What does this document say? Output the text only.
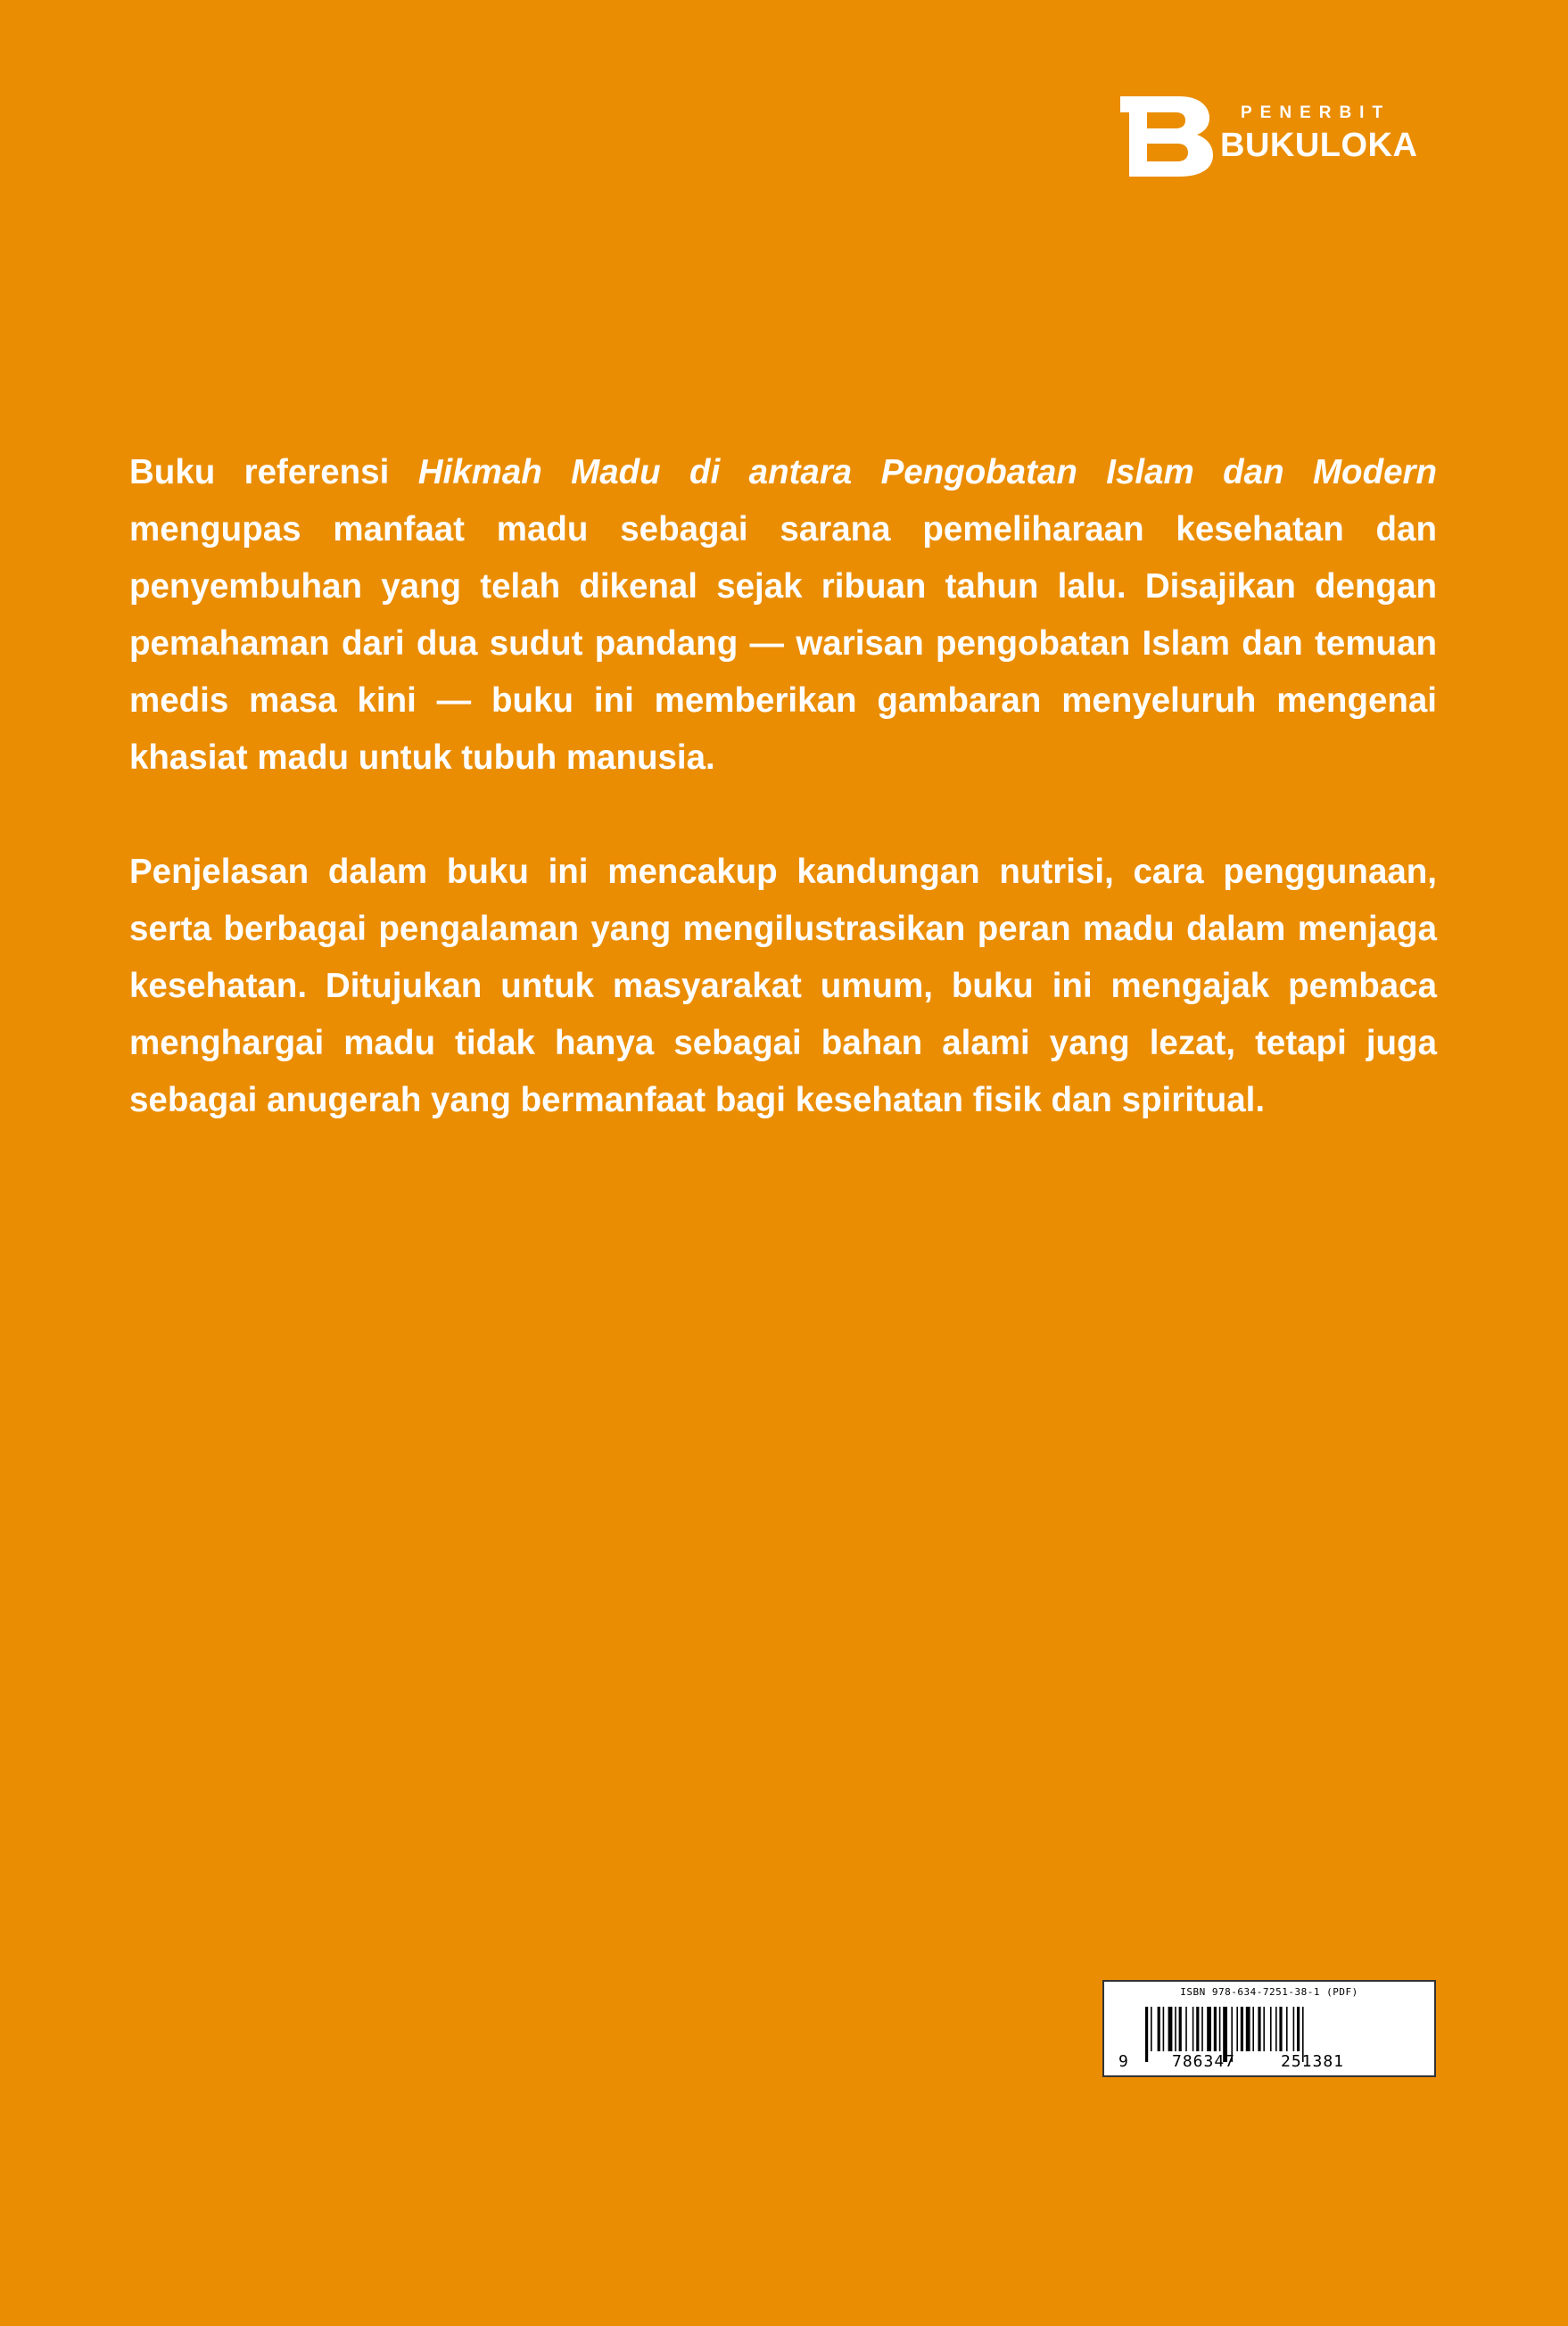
PENERBIT
BUKULOKA

Buku referensi Hikmah Madu di antara Pengobatan Islam dan Modern mengupas manfaat madu sebagai sarana pemeliharaan kesehatan dan penyembuhan yang telah dikenal sejak ribuan tahun lalu. Disajikan dengan pemahaman dari dua sudut pandang — warisan pengobatan Islam dan temuan medis masa kini — buku ini memberikan gambaran menyeluruh mengenai khasiat madu untuk tubuh manusia.

Penjelasan dalam buku ini mencakup kandungan nutrisi, cara penggunaan, serta berbagai pengalaman yang mengilustrasikan peran madu dalam menjaga kesehatan. Ditujukan untuk masyarakat umum, buku ini mengajak pembaca menghargai madu tidak hanya sebagai bahan alami yang lezat, tetapi juga sebagai anugerah yang bermanfaat bagi kesehatan fisik dan spiritual.

ISBN 978-634-7251-38-1 (PDF)
9	786347	251381
